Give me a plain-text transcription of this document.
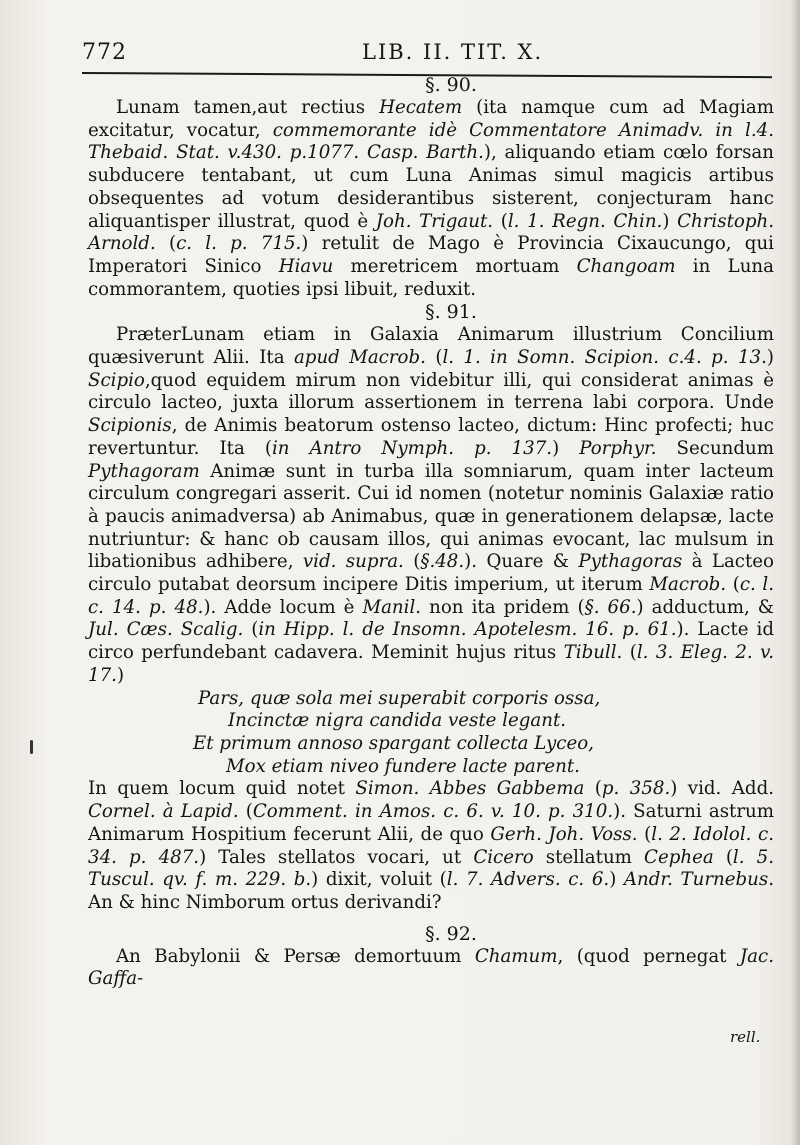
772	LIB. II. TIT. X.
§. 90.

Lunam tamen,aut rectius Hecatem (ita namque cum ad Magiam excitatur, vocatur, commemorante idè Commentatore Animadv. in l.4. Thebaid. Stat. v.430. p.1077. Casp. Barth.), aliquando etiam cœlo forsan subducere tentabant, ut cum Luna Animas simul magicis artibus obsequentes ad votum desiderantibus sisterent, conjecturam hanc aliquantisper illustrat, quod è Joh. Trigaut. (l. 1. Regn. Chin.) Christoph. Arnold. (c. l. p. 715.) retulit de Mago è Provincia Cixaucungo, qui Imperatori Sinico Hiavu meretricem mortuam Changoam in Luna commorantem, quoties ipsi libuit, reduxit.

§. 91.

PræterLunam etiam in Galaxia Animarum illustrium Concilium quæsiverunt Alii. Ita apud Macrob. (l. 1. in Somn. Scipion. c.4. p. 13.) Scipio,quod equidem mirum non videbitur illi, qui considerat animas è circulo lacteo, juxta illorum assertionem in terrena labi corpora. Unde Scipionis, de Animis beatorum ostenso lacteo, dictum: Hinc profecti; huc revertuntur. Ita (in Antro Nymph. p. 137.) Porphyr. Secundum Pythagoram Animæ sunt in turba illa somniarum, quam inter lacteum circulum congregari asserit. Cui id nomen (notetur nominis Galaxiæ ratio à paucis animadversa) ab Animabus, quæ in generationem delapsæ, lacte nutriuntur: & hanc ob causam illos, qui animas evocant, lac mulsum in libationibus adhibere, vid. supra. (§.48.). Quare & Pythagoras à Lacteo circulo putabat deorsum incipere Ditis imperium, ut iterum Macrob. (c. l. c. 14. p. 48.). Adde locum è Manil. non ita pridem (§. 66.) adductum, & Jul. Cæs. Scalig. (in Hipp. l. de Insomn. Apotelesm. 16. p. 61.). Lacte id circo perfundebant cadavera. Meminit hujus ritus Tibull. (l. 3. Eleg. 2. v. 17.)

Pars, quæ sola mei superabit corporis ossa,
Incinctæ nigra candida veste legant.
Et primum annoso spargant collecta Lyceo,
Mox etiam niveo fundere lacte parent.

In quem locum quid notet Simon. Abbes Gabbema (p. 358.) vid. Add. Cornel. à Lapid. (Comment. in Amos. c. 6. v. 10. p. 310.). Saturni astrum Animarum Hospitium fecerunt Alii, de quo Gerh. Joh. Voss. (l. 2. Idolol. c. 34. p. 487.) Tales stellatos vocari, ut Cicero stellatum Cephea (l. 5. Tuscul. qv. f. m. 229. b.) dixit, voluit (l. 7. Advers. c. 6.) Andr. Turnebus. An & hinc Nimborum ortus derivandi?

§. 92.

An Babylonii & Persæ demortuum Chamum, (quod pernegat Jac. Gaffa-

rell.
